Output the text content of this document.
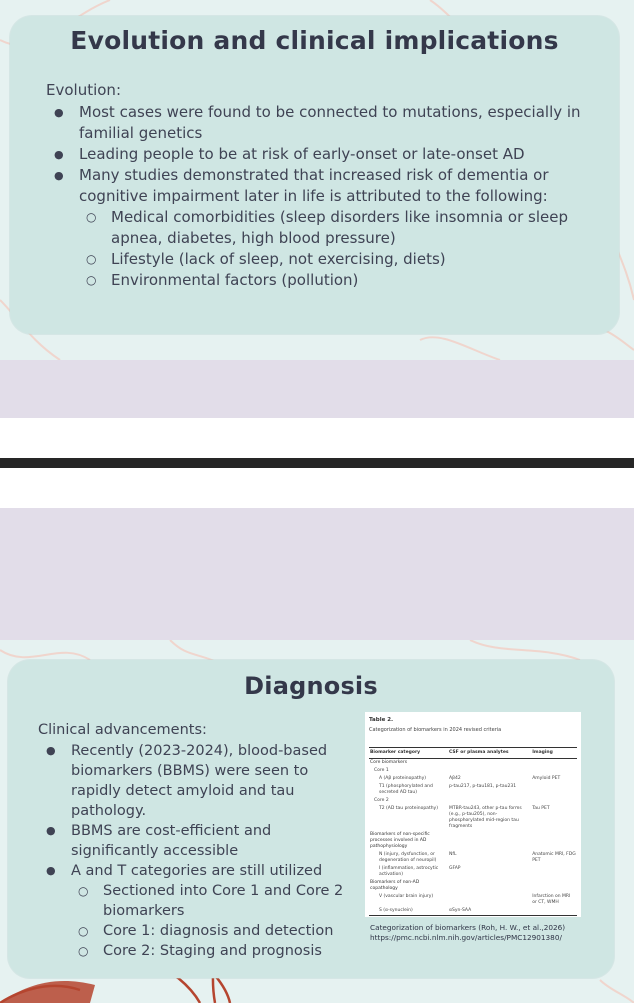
Evolution and clinical implications
Evolution:
● Most cases were found to be connected to mutations, especially in familial genetics
● Leading people to be at risk of early-onset or late-onset AD
● Many studies demonstrated that increased risk of dementia or cognitive impairment later in life is attributed to the following:
○ Medical comorbidities (sleep disorders like insomnia or sleep apnea, diabetes, high blood pressure)
○ Lifestyle (lack of sleep, not exercising, diets)
○ Environmental factors (pollution)
Diagnosis
Clinical advancements:
● Recently (2023-2024), blood-based biomarkers (BBMS) were seen to rapidly detect amyloid and tau pathology.
● BBMS are cost-efficient and significantly accessible
● A and T categories are still utilized
○ Sectioned into Core 1 and Core 2 biomarkers
○ Core 1: diagnosis and detection
○ Core 2: Staging and prognosis
Table 2.
Categorization of biomarkers in 2024 revised criteria
Biomarker category	CSF or plasma analytes	Imaging
Core biomarkers		
Core 1		
A (Aβ proteinopathy)	Aβ42	Amyloid PET
T1 (phosphorylated and secreted AD tau)	p-tau217, p-tau181, p-tau231	
Core 2		
T2 (AD tau proteinopathy)	MTBR-tau243, other p-tau forms (e.g., p-tau205), non-phosphorylated mid-region tau fragments	Tau PET
Biomarkers of non-specific processes involved in AD pathophysiology		
N (injury, dysfunction, or degeneration of neuropil)	NfL	Anatomic MRI, FDG PET
I (inflammation, astrocytic activation)	GFAP	
Biomarkers of non-AD copathology		
V (vascular brain injury)		Infarction on MRI or CT, WMH
S (α-synuclein)	αSyn-SAA	
Categorization of biomarkers (Roh, H. W., et al.,2026)
https://pmc.ncbi.nlm.nih.gov/articles/PMC12901380/
